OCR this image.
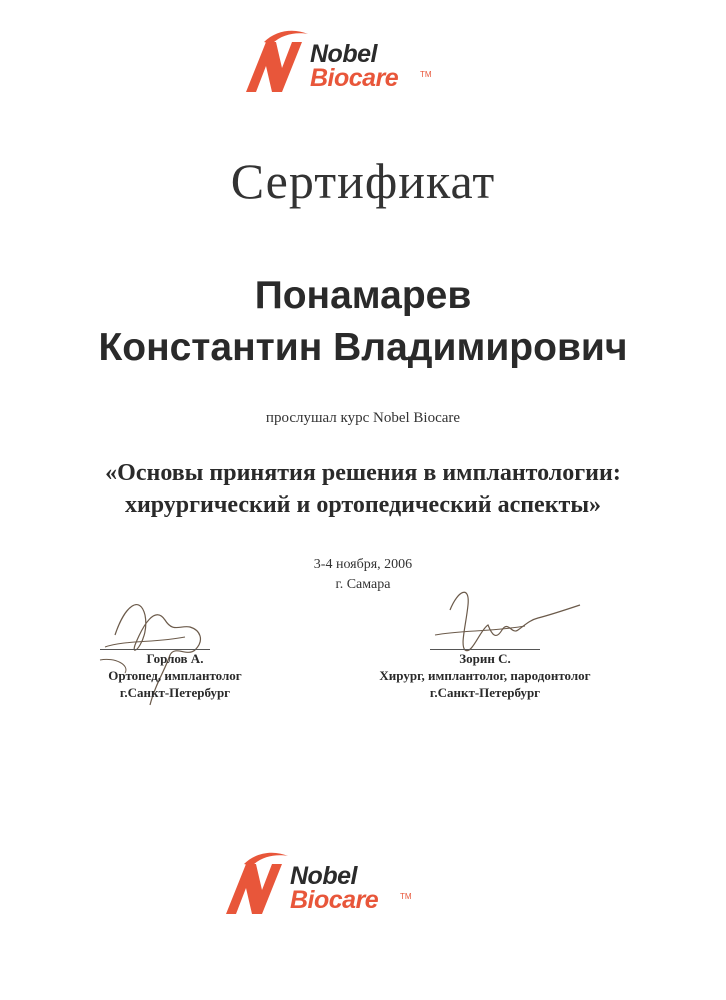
Nobel
Biocare	TM
Сертификат
Понамарев
Константин Владимирович
прослушал курс Nobel Biocare
«Основы принятия решения в имплантологии:
хирургический и ортопедический аспекты»
3-4 ноября, 2006
г. Самара
Горлов А.
Ортопед, имплантолог
г.Санкт-Петербург
Зорин С.
Хирург, имплантолог, пародонтолог
г.Санкт-Петербург
Nobel
Biocare	TM
